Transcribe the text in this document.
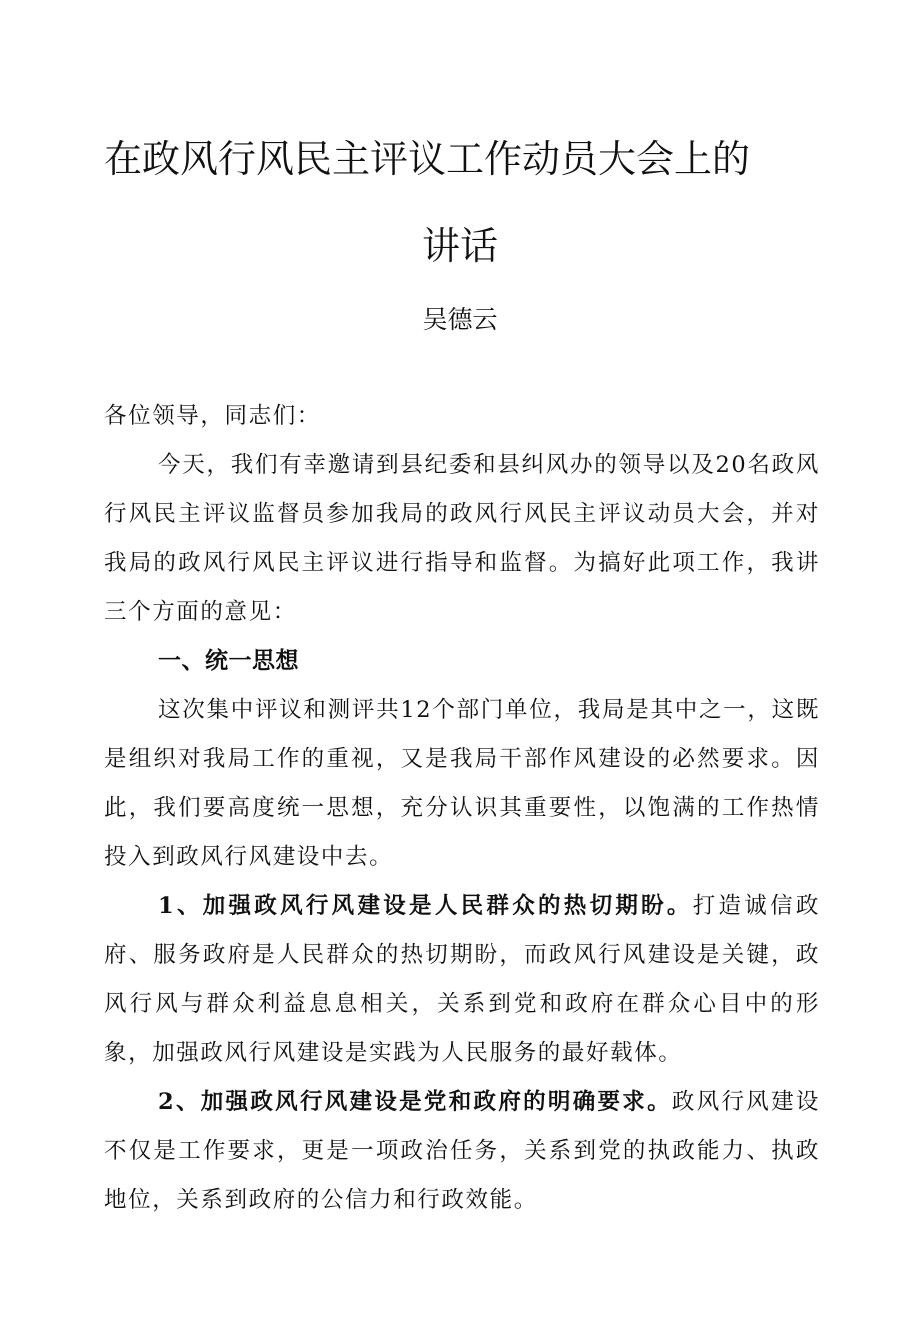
在政风行风民主评议工作动员大会上的
讲话
吴德云

各位领导，同志们：

今天，我们有幸邀请到县纪委和县纠风办的领导以及20名政风行风民主评议监督员参加我局的政风行风民主评议动员大会，并对我局的政风行风民主评议进行指导和监督。为搞好此项工作，我讲三个方面的意见：

一、统一思想

这次集中评议和测评共12个部门单位，我局是其中之一，这既是组织对我局工作的重视，又是我局干部作风建设的必然要求。因此，我们要高度统一思想，充分认识其重要性，以饱满的工作热情投入到政风行风建设中去。

1、加强政风行风建设是人民群众的热切期盼。打造诚信政府、服务政府是人民群众的热切期盼，而政风行风建设是关键，政风行风与群众利益息息相关，关系到党和政府在群众心目中的形象，加强政风行风建设是实践为人民服务的最好载体。

2、加强政风行风建设是党和政府的明确要求。政风行风建设不仅是工作要求，更是一项政治任务，关系到党的执政能力、执政地位，关系到政府的公信力和行政效能。
